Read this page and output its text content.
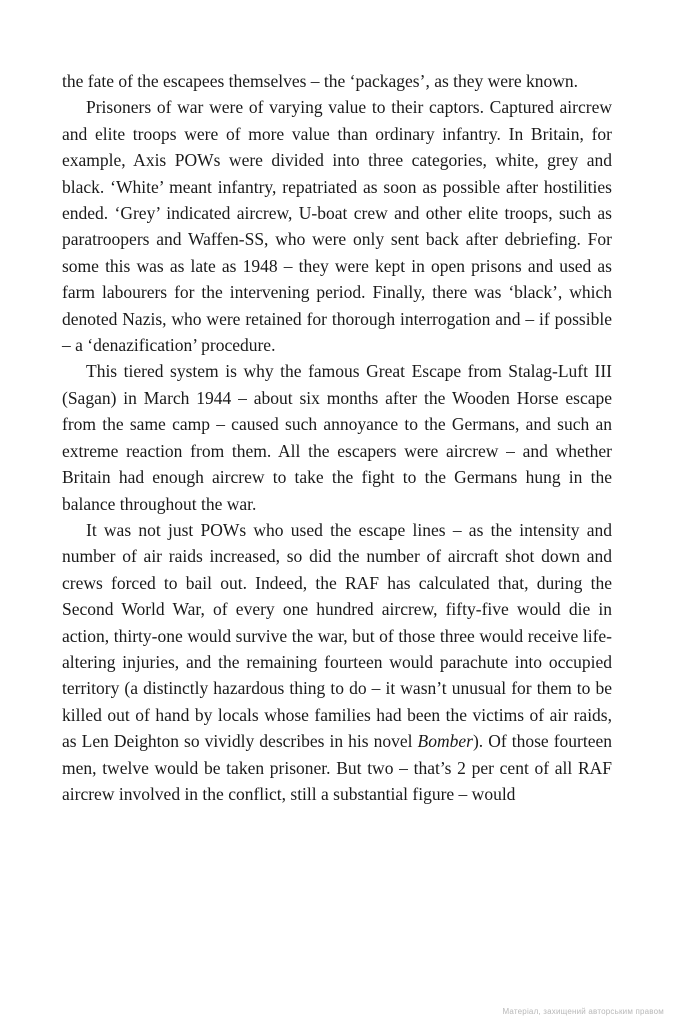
the fate of the escapees themselves – the ‘packages’, as they were known.

Prisoners of war were of varying value to their captors. Captured aircrew and elite troops were of more value than ordinary infantry. In Britain, for example, Axis POWs were divided into three categories, white, grey and black. ‘White’ meant infantry, repatriated as soon as possible after hostilities ended. ‘Grey’ indicated aircrew, U-boat crew and other elite troops, such as paratroopers and Waffen-SS, who were only sent back after debriefing. For some this was as late as 1948 – they were kept in open prisons and used as farm labourers for the intervening period. Finally, there was ‘black’, which denoted Nazis, who were retained for thorough interrogation and – if possible – a ‘denazification’ procedure.

This tiered system is why the famous Great Escape from Stalag-Luft III (Sagan) in March 1944 – about six months after the Wooden Horse escape from the same camp – caused such annoyance to the Germans, and such an extreme reaction from them. All the escapers were aircrew – and whether Britain had enough aircrew to take the fight to the Germans hung in the balance throughout the war.

It was not just POWs who used the escape lines – as the intensity and number of air raids increased, so did the number of aircraft shot down and crews forced to bail out. Indeed, the RAF has calculated that, during the Second World War, of every one hundred aircrew, fifty-five would die in action, thirty-one would survive the war, but of those three would receive life-altering injuries, and the remaining fourteen would parachute into occupied territory (a distinctly hazardous thing to do – it wasn’t unusual for them to be killed out of hand by locals whose families had been the victims of air raids, as Len Deighton so vividly describes in his novel Bomber). Of those fourteen men, twelve would be taken prisoner. But two – that’s 2 per cent of all RAF aircrew involved in the conflict, still a substantial figure – would

Матеріал, захищений авторським правом
